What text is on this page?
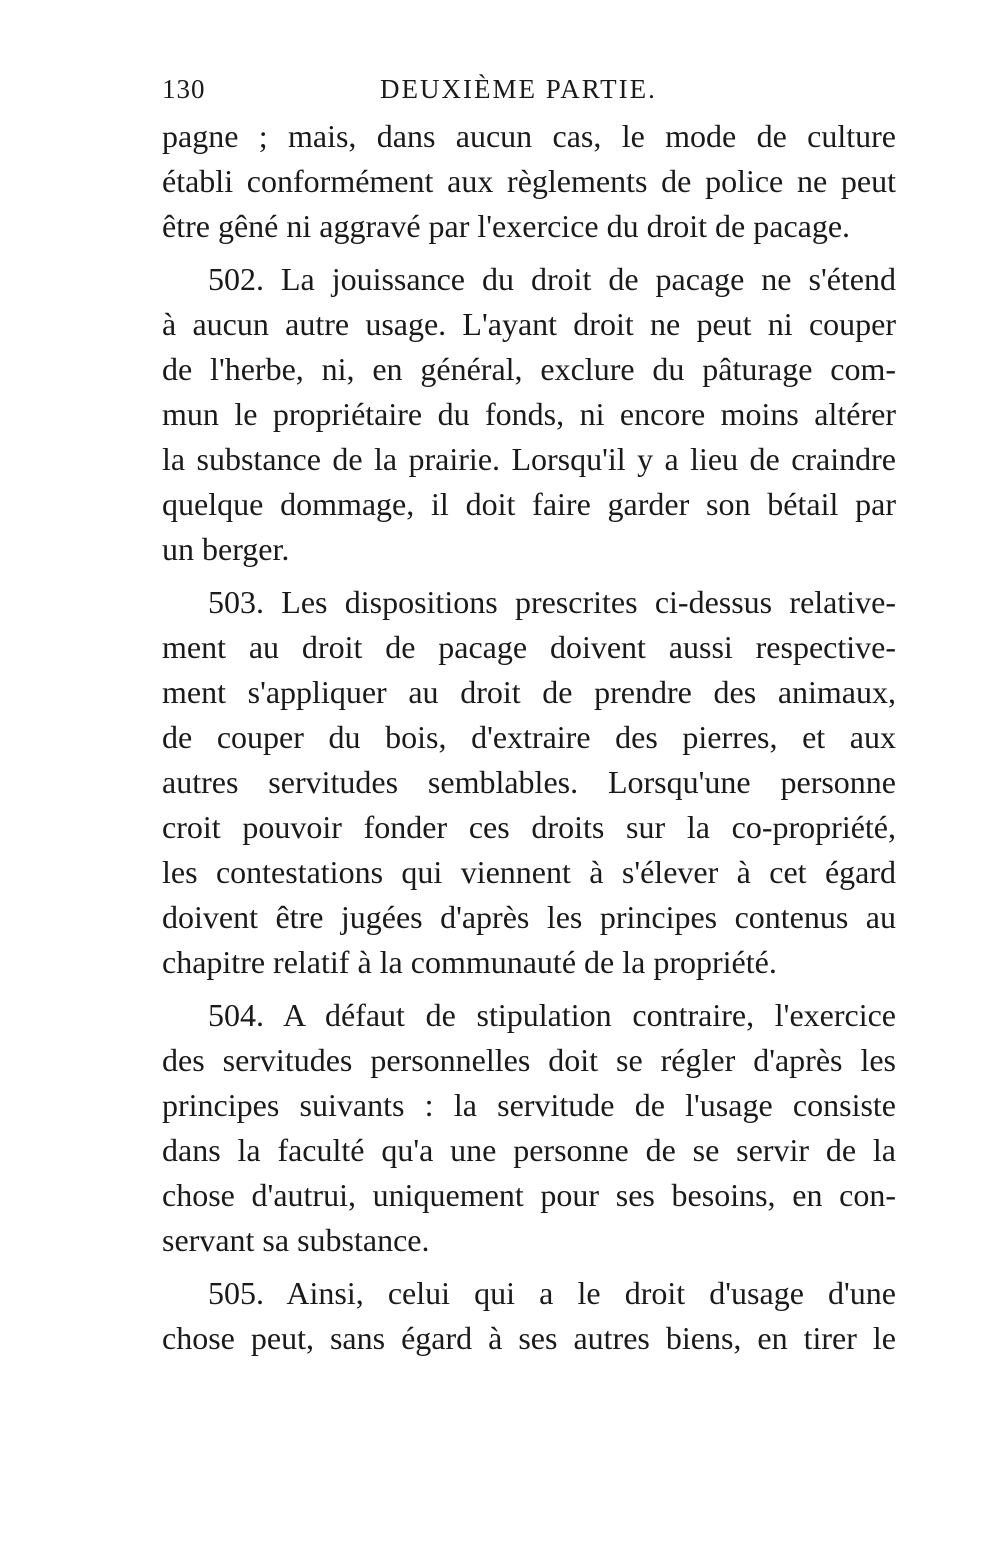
130	DEUXIÈME PARTIE.
pagne ; mais, dans aucun cas, le mode de culture
établi conformément aux règlements de police ne peut
être gêné ni aggravé par l'exercice du droit de pacage.
502. La jouissance du droit de pacage ne s'étend
à aucun autre usage. L'ayant droit ne peut ni couper
de l'herbe, ni, en général, exclure du pâturage com-
mun le propriétaire du fonds, ni encore moins altérer
la substance de la prairie. Lorsqu'il y a lieu de craindre
quelque dommage, il doit faire garder son bétail par
un berger.
503. Les dispositions prescrites ci-dessus relative-
ment au droit de pacage doivent aussi respective-
ment s'appliquer au droit de prendre des animaux,
de couper du bois, d'extraire des pierres, et aux
autres servitudes semblables. Lorsqu'une personne
croit pouvoir fonder ces droits sur la co-propriété,
les contestations qui viennent à s'élever à cet égard
doivent être jugées d'après les principes contenus au
chapitre relatif à la communauté de la propriété.
504. A défaut de stipulation contraire, l'exercice
des servitudes personnelles doit se régler d'après les
principes suivants : la servitude de l'usage consiste
dans la faculté qu'a une personne de se servir de la
chose d'autrui, uniquement pour ses besoins, en con-
servant sa substance.
505. Ainsi, celui qui a le droit d'usage d'une
chose peut, sans égard à ses autres biens, en tirer le
